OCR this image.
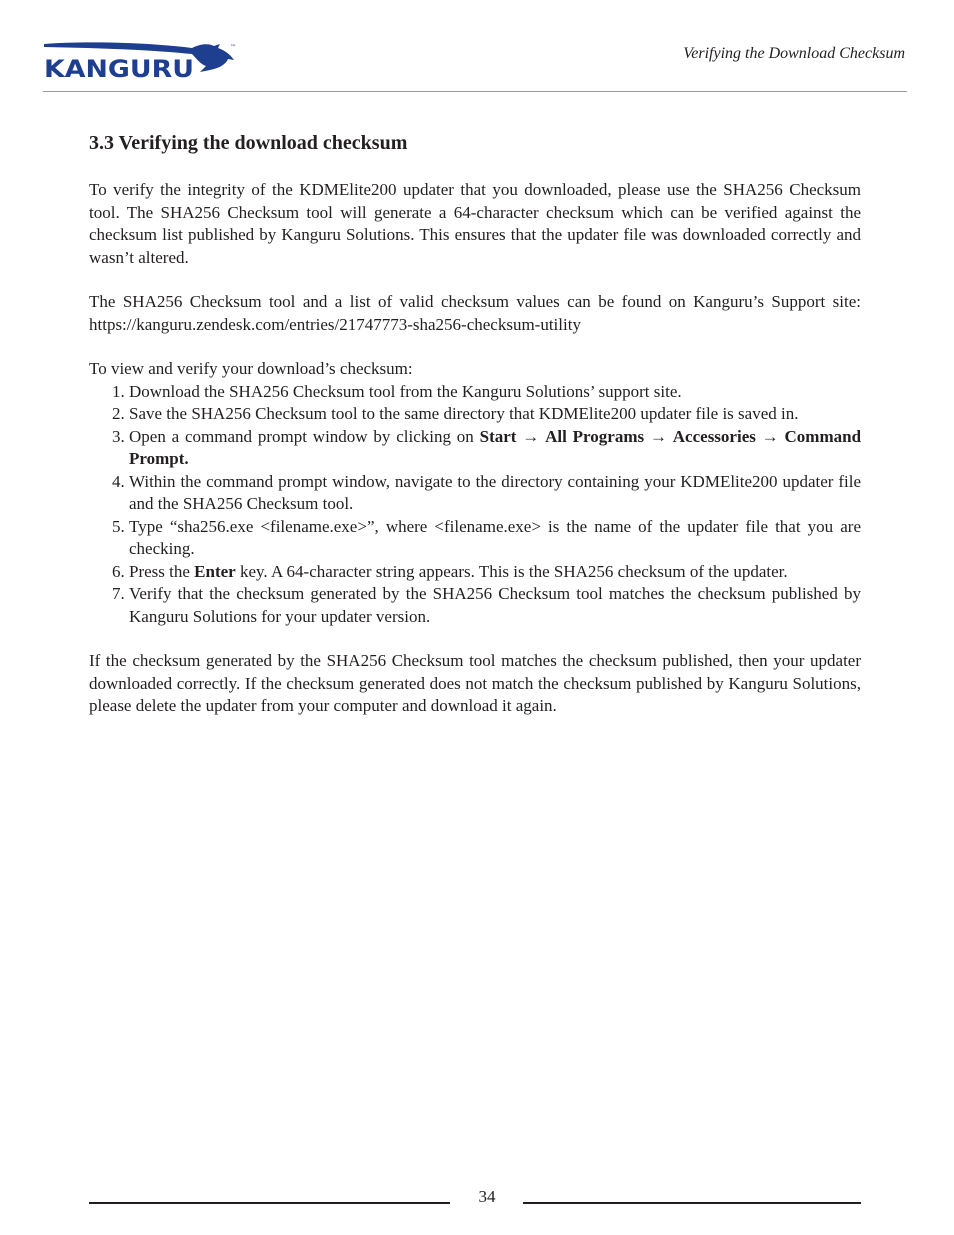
KANGURU
™	Verifying the Download Checksum
3.3 Verifying the download checksum

To verify the integrity of the KDMElite200 updater that you downloaded, please use the SHA256 Checksum tool. The SHA256 Checksum tool will generate a 64-character checksum which can be verified against the checksum list published by Kanguru Solutions. This ensures that the updater file was downloaded correctly and wasn’t altered.

The SHA256 Checksum tool and a list of valid checksum values can be found on Kanguru’s Support site: https://kanguru.zendesk.com/entries/21747773-sha256-checksum-utility

To view and verify your download’s checksum:

1. Download the SHA256 Checksum tool from the Kanguru Solutions’ support site.
2. Save the SHA256 Checksum tool to the same directory that KDMElite200 updater file is saved in.
3. Open a command prompt window by clicking on Start → All Programs → Accessories → Command Prompt.
4. Within the command prompt window, navigate to the directory containing your KDMElite200 updater file and the SHA256 Checksum tool.
5. Type “sha256.exe <filename.exe>”, where <filename.exe> is the name of the updater file that you are checking.
6. Press the Enter key. A 64-character string appears. This is the SHA256 checksum of the updater.
7. Verify that the checksum generated by the SHA256 Checksum tool matches the checksum published by Kanguru Solutions for your updater version.

If the checksum generated by the SHA256 Checksum tool matches the checksum published, then your updater downloaded correctly. If the checksum generated does not match the checksum published by Kanguru Solutions, please delete the updater from your computer and download it again.

34
